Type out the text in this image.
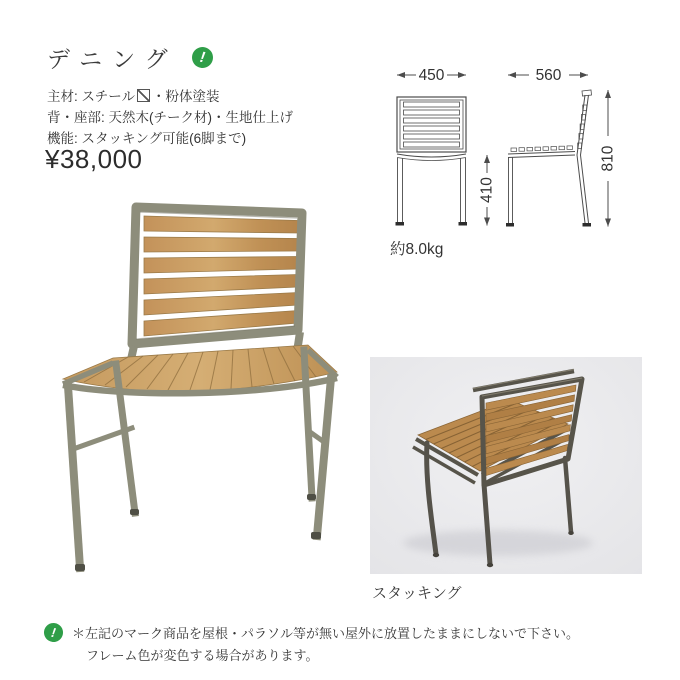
デニング	!
主材: スチール ・粉体塗装
背・座部: 天然木(チーク材)・生地仕上げ
機能: スタッキング可能(6脚まで)
¥38,000
450	560
410
810
約8.0kg
スタッキング
!	＊左記のマーク商品を屋根・パラソル等が無い屋外に放置したままにしないで下さい。
フレーム色が変色する場合があります。
